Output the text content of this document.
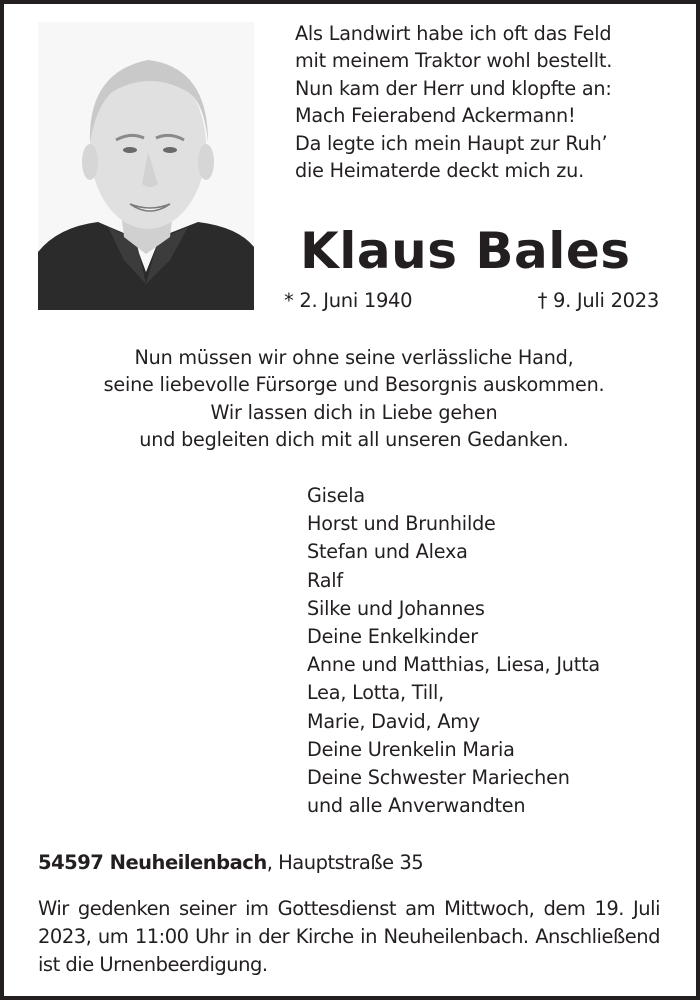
Als Landwirt habe ich oft das Feld
mit meinem Traktor wohl bestellt.
Nun kam der Herr und klopfte an:
Mach Feierabend Ackermann!
Da legte ich mein Haupt zur Ruh’
die Heimaterde deckt mich zu.
Klaus Bales
* 2. Juni 1940	† 9. Juli 2023
Nun müssen wir ohne seine verlässliche Hand,
seine liebevolle Fürsorge und Besorgnis auskommen.
Wir lassen dich in Liebe gehen
und begleiten dich mit all unseren Gedanken.
Gisela
Horst und Brunhilde
Stefan und Alexa
Ralf
Silke und Johannes
Deine Enkelkinder
Anne und Matthias, Liesa, Jutta
Lea, Lotta, Till,
Marie, David, Amy
Deine Urenkelin Maria
Deine Schwester Mariechen
und alle Anverwandten
54597 Neuheilenbach, Hauptstraße 35
Wir gedenken seiner im Gottesdienst am Mittwoch, dem 19. Juli 2023, um 11:00 Uhr in der Kirche in Neuheilenbach. Anschließend ist die Urnenbeerdigung.
